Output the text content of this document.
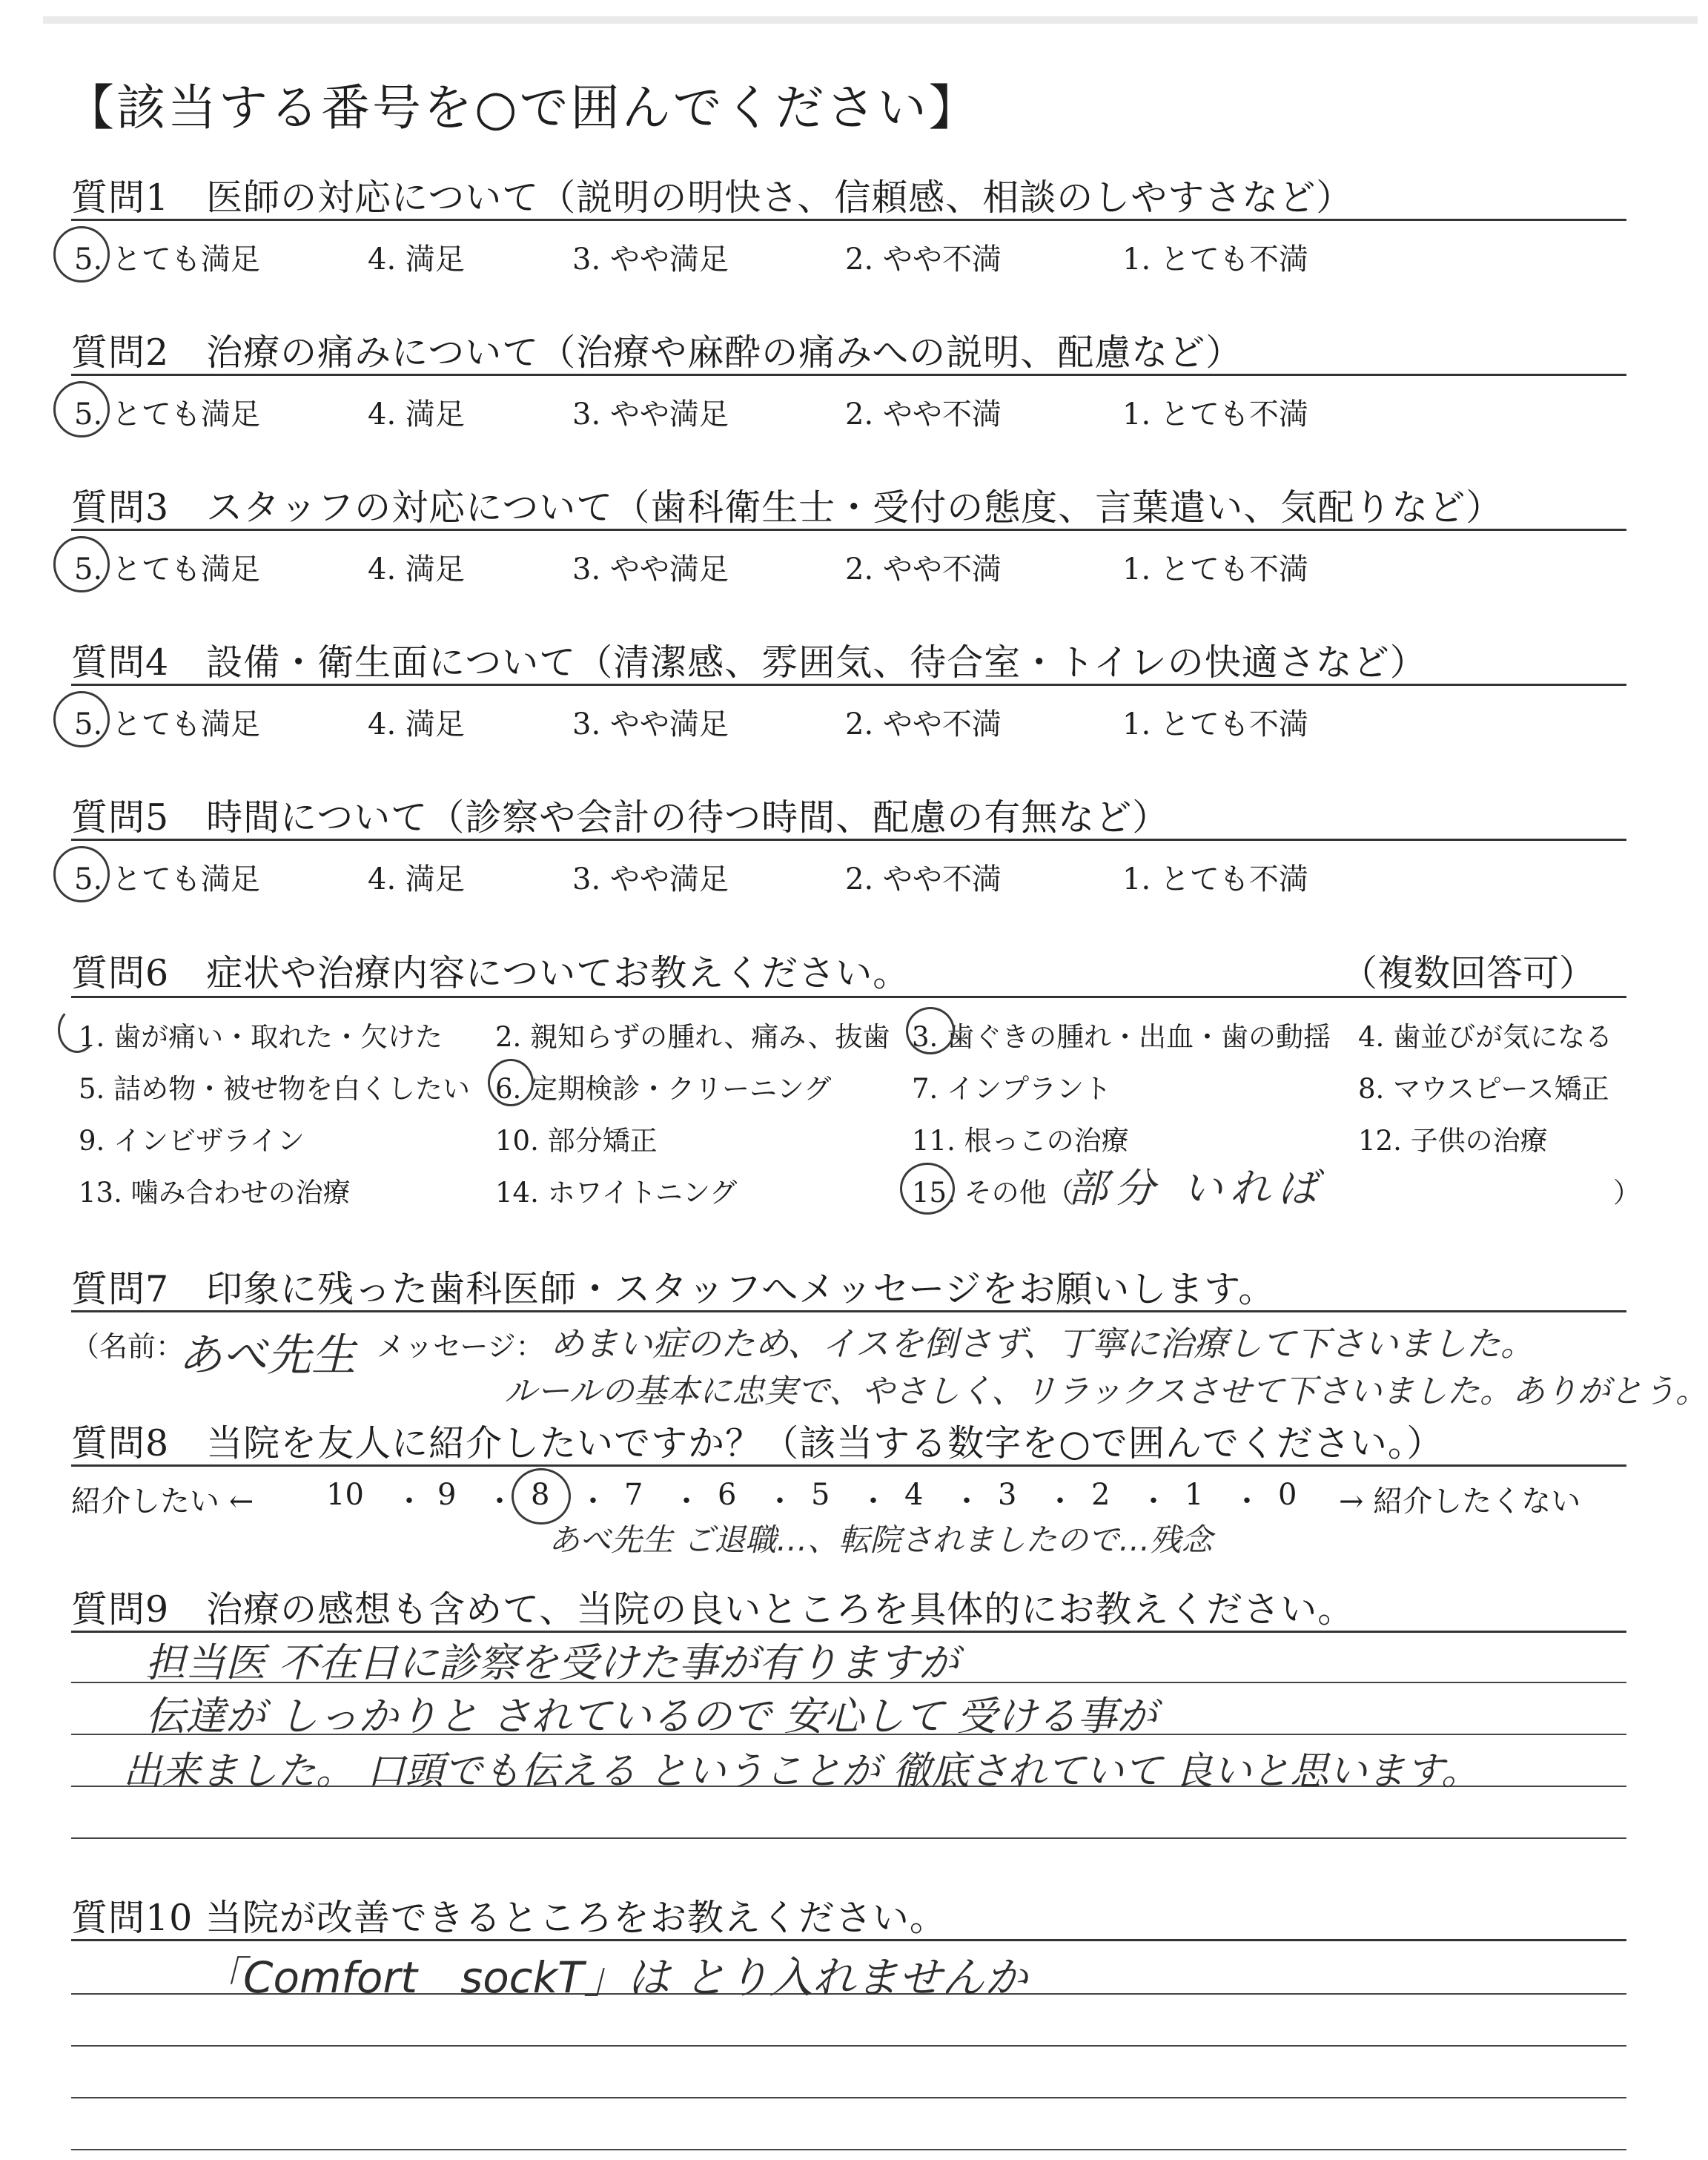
【該当する番号を○で囲んでください】
質問1　医師の対応について（説明の明快さ、信頼感、相談のしやすさなど）
5. とても満足	4. 満足	3. やや満足	2. やや不満	1. とても不満
質問2　治療の痛みについて（治療や麻酔の痛みへの説明、配慮など）
5. とても満足	4. 満足	3. やや満足	2. やや不満	1. とても不満
質問3　スタッフの対応について（歯科衛生士・受付の態度、言葉遣い、気配りなど）
5. とても満足	4. 満足	3. やや満足	2. やや不満	1. とても不満
質問4　設備・衛生面について（清潔感、雰囲気、待合室・トイレの快適さなど）
5. とても満足	4. 満足	3. やや満足	2. やや不満	1. とても不満
質問5　時間について（診察や会計の待つ時間、配慮の有無など）
5. とても満足	4. 満足	3. やや満足	2. やや不満	1. とても不満
質問6　症状や治療内容についてお教えください。	（複数回答可）
1. 歯が痛い・取れた・欠けた 2. 親知らずの腫れ、痛み、抜歯 3. 歯ぐきの腫れ・出血・歯の動揺 4. 歯並びが気になる
5. 詰め物・被せ物を白くしたい 6. 定期検診・クリーニング	7. インプラント	8. マウスピース矯正
9. インビザライン	10. 部分矯正	11. 根っこの治療	12. 子供の治療
13. 噛み合わせの治療	14. ホワイトニング	15. その他（	）
部分 いれば
質問7　印象に残った歯科医師・スタッフへメッセージをお願いします。
（名前：
あべ先生 メッセージ： めまい症のため、イスを倒さず、丁寧に治療して下さいました。
ルールの基本に忠実で、やさしく、リラックスさせて下さいました。ありがとう。
質問8　当院を友人に紹介したいですか？（該当する数字を○で囲んでください。）
紹介したい ←	→ 紹介したくない
10 ・ 9 ・ 8 ・ 7 ・ 6 ・ 5 ・ 4 ・ 3 ・ 2 ・ 1 ・ 0
あべ先生 ご退職…、転院されましたので…残念
質問9　治療の感想も含めて、当院の良いところを具体的にお教えください。
担当医 不在日に診察を受けた事が有りますが
伝達が しっかりと されているので 安心して 受ける事が
出来ました。 口頭でも伝える ということが 徹底されていて 良いと思います。
質問10 当院が改善できるところをお教えください。
「Comfort　sockT」は とり入れませんか
